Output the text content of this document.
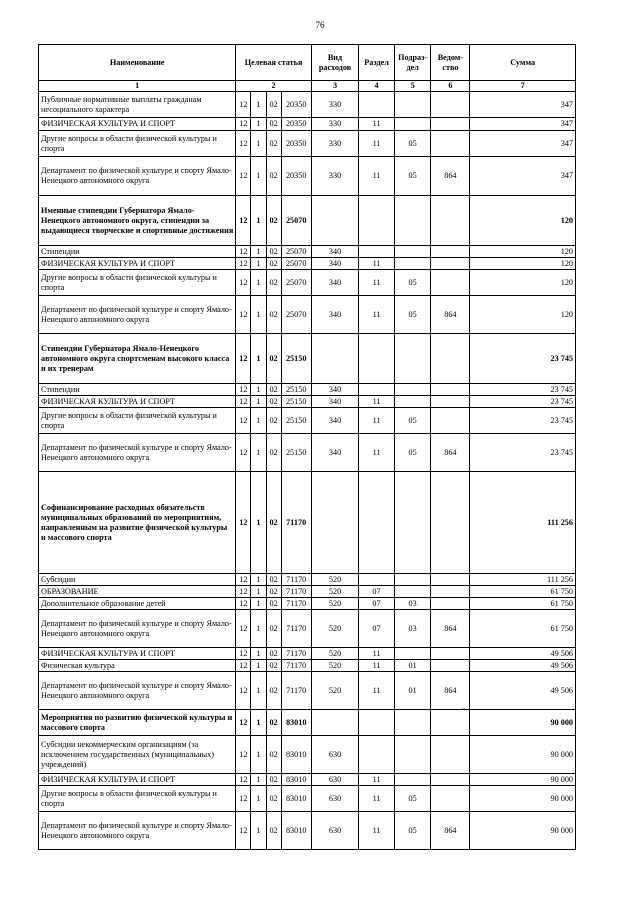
76
Наименование	Целевая статья				Вид расходов	Раздел	Подраз- дел	Ведом- ство	Сумма
1	2				3	4	5	6	7
Публичные нормативные выплаты гражданам несоциального характера	12	1	02	20350	330				347
ФИЗИЧЕСКАЯ КУЛЬТУРА И СПОРТ	12	1	02	20350	330	11			347
Другие вопросы в области физической культуры и спорта	12	1	02	20350	330	11	05		347
Департамент по физической культуре и спорту Ямало-Ненецкого автономного округа	12	1	02	20350	330	11	05	864	347
Именные стипендии Губернатора Ямало-Ненецкого автономного округа, стипендии за выдающиеся творческие и спортивные достижения	12	1	02	25070					120
Стипендии	12	1	02	25070	340				120
ФИЗИЧЕСКАЯ КУЛЬТУРА И СПОРТ	12	1	02	25070	340	11			120
Другие вопросы в области физической культуры и спорта	12	1	02	25070	340	11	05		120
Департамент по физической культуре и спорту Ямало-Ненецкого автономного округа	12	1	02	25070	340	11	05	864	120
Стипендии Губернатора Ямало-Ненецкого автономного округа спортсменам высокого класса и их тренерам	12	1	02	25150					23 745
Стипендии	12	1	02	25150	340				23 745
ФИЗИЧЕСКАЯ КУЛЬТУРА И СПОРТ	12	1	02	25150	340	11			23 745
Другие вопросы в области физической культуры и спорта	12	1	02	25150	340	11	05		23 745
Департамент по физической культуре и спорту Ямало-Ненецкого автономного округа	12	1	02	25150	340	11	05	864	23 745
Софинансирование расходных обязательств муниципальных образований по мероприятиям, направленным на развитие физической культуры и массового спорта	12	1	02	71170					111 256
Субсидии	12	1	02	71170	520				111 256
ОБРАЗОВАНИЕ	12	1	02	71170	520	07			61 750
Дополнительное образование детей	12	1	02	71170	520	07	03		61 750
Департамент по физической культуре и спорту Ямало-Ненецкого автономного округа	12	1	02	71170	520	07	03	864	61 750
ФИЗИЧЕСКАЯ КУЛЬТУРА И СПОРТ	12	1	02	71170	520	11			49 506
Физическая культура	12	1	02	71170	520	11	01		49 506
Департамент по физической культуре и спорту Ямало-Ненецкого автономного округа	12	1	02	71170	520	11	01	864	49 506
Мероприятия по развитию физической культуры и массового спорта	12	1	02	83010					90 000
Субсидии некоммерческим организациям (за исключением государственных (муниципальных) учреждений)	12	1	02	83010	630				90 000
ФИЗИЧЕСКАЯ КУЛЬТУРА И СПОРТ	12	1	02	83010	630	11			90 000
Другие вопросы в области физической культуры и спорта	12	1	02	83010	630	11	05		90 000
Департамент по физической культуре и спорту Ямало-Ненецкого автономного округа	12	1	02	83010	630	11	05	864	90 000
"
